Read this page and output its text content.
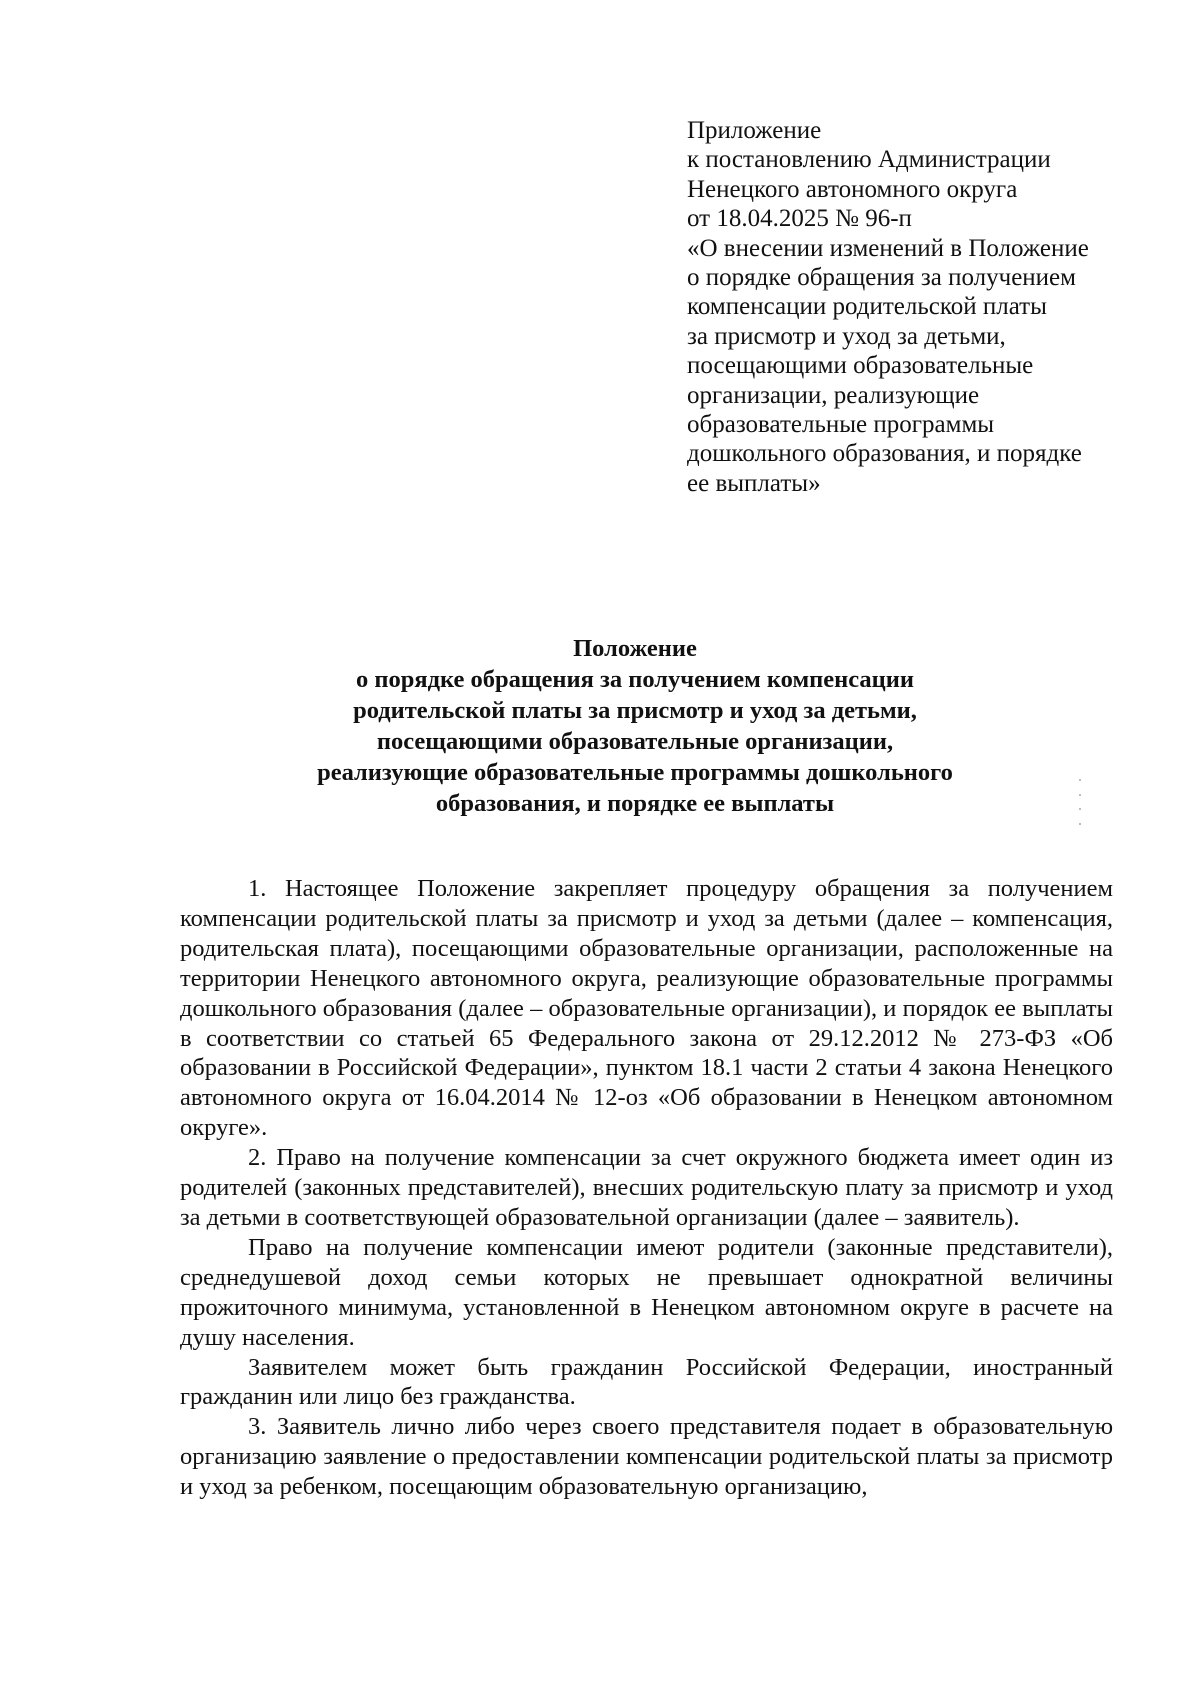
Приложение
к постановлению Администрации
Ненецкого автономного округа
от 18.04.2025 № 96-п
«О внесении изменений в Положение
о порядке обращения за получением
компенсации родительской платы
за присмотр и уход за детьми,
посещающими образовательные
организации, реализующие
образовательные программы
дошкольного образования, и порядке
ее выплаты»
Положение
о порядке обращения за получением компенсации
родительской платы за присмотр и уход за детьми,
посещающими образовательные организации,
реализующие образовательные программы дошкольного
образования, и порядке ее выплаты

1. Настоящее Положение закрепляет процедуру обращения за получением компенсации родительской платы за присмотр и уход за детьми (далее – компенсация, родительская плата), посещающими образовательные организации, расположенные на территории Ненецкого автономного округа, реализующие образовательные программы дошкольного образования (далее – образовательные организации), и порядок ее выплаты в соответствии со статьей 65 Федерального закона от 29.12.2012 № 273-ФЗ «Об образовании в Российской Федерации», пунктом 18.1 части 2 статьи 4 закона Ненецкого автономного округа от 16.04.2014 № 12-оз «Об образовании в Ненецком автономном округе».

2. Право на получение компенсации за счет окружного бюджета имеет один из родителей (законных представителей), внесших родительскую плату за присмотр и уход за детьми в соответствующей образовательной организации (далее – заявитель).

Право на получение компенсации имеют родители (законные представители), среднедушевой доход семьи которых не превышает однократной величины прожиточного минимума, установленной в Ненецком автономном округе в расчете на душу населения.

Заявителем может быть гражданин Российской Федерации, иностранный гражданин или лицо без гражданства.

3. Заявитель лично либо через своего представителя подает в образовательную организацию заявление о предоставлении компенсации родительской платы за присмотр и уход за ребенком, посещающим образовательную организацию,
